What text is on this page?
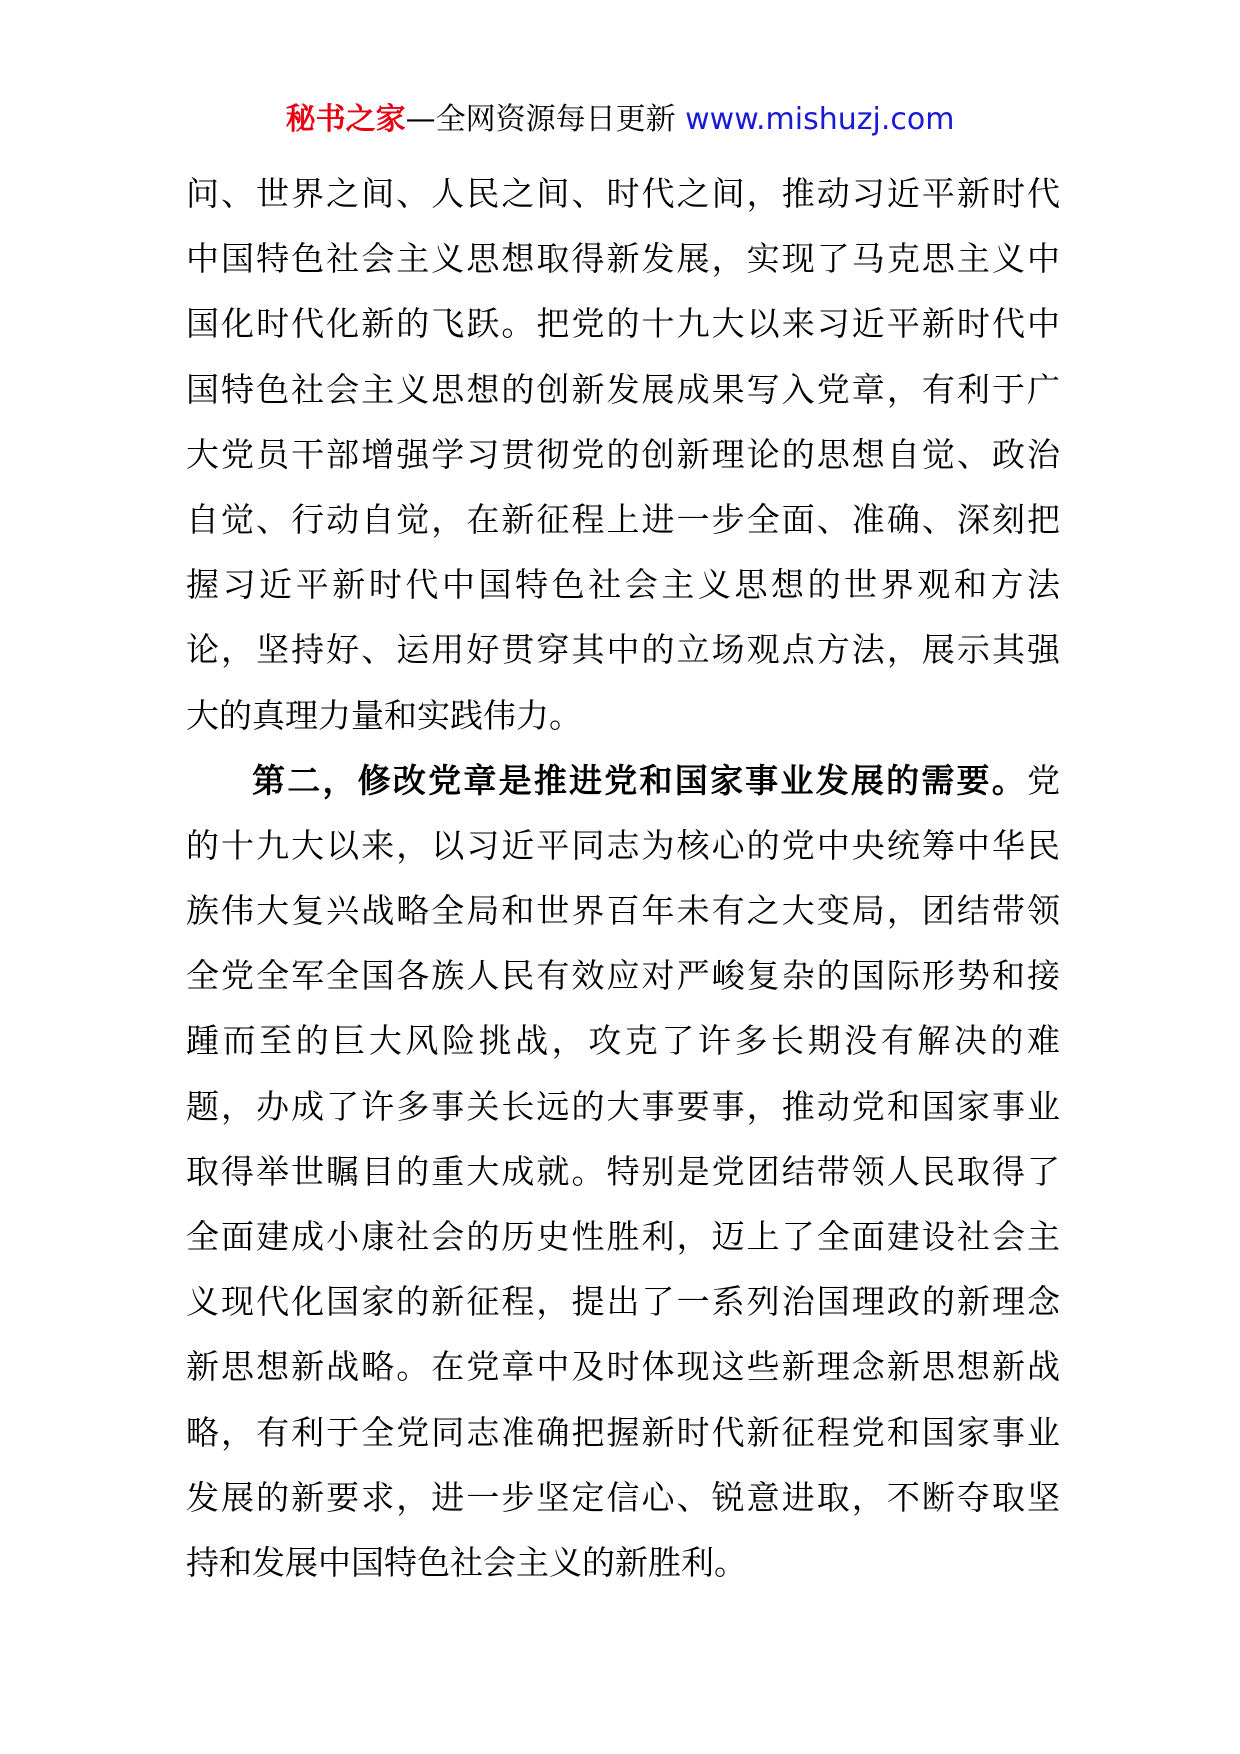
秘书之家—全网资源每日更新 www.mishuzj.com
问、世界之间、人民之间、时代之间，推动习近平新时代
中国特色社会主义思想取得新发展，实现了马克思主义中
国化时代化新的飞跃。把党的十九大以来习近平新时代中
国特色社会主义思想的创新发展成果写入党章，有利于广
大党员干部增强学习贯彻党的创新理论的思想自觉、政治
自觉、行动自觉，在新征程上进一步全面、准确、深刻把
握习近平新时代中国特色社会主义思想的世界观和方法
论，坚持好、运用好贯穿其中的立场观点方法，展示其强
大的真理力量和实践伟力。
第二，修改党章是推进党和国家事业发展的需要。党
的十九大以来，以习近平同志为核心的党中央统筹中华民
族伟大复兴战略全局和世界百年未有之大变局，团结带领
全党全军全国各族人民有效应对严峻复杂的国际形势和接
踵而至的巨大风险挑战，攻克了许多长期没有解决的难
题，办成了许多事关长远的大事要事，推动党和国家事业
取得举世瞩目的重大成就。特别是党团结带领人民取得了
全面建成小康社会的历史性胜利，迈上了全面建设社会主
义现代化国家的新征程，提出了一系列治国理政的新理念
新思想新战略。在党章中及时体现这些新理念新思想新战
略，有利于全党同志准确把握新时代新征程党和国家事业
发展的新要求，进一步坚定信心、锐意进取，不断夺取坚
持和发展中国特色社会主义的新胜利。
